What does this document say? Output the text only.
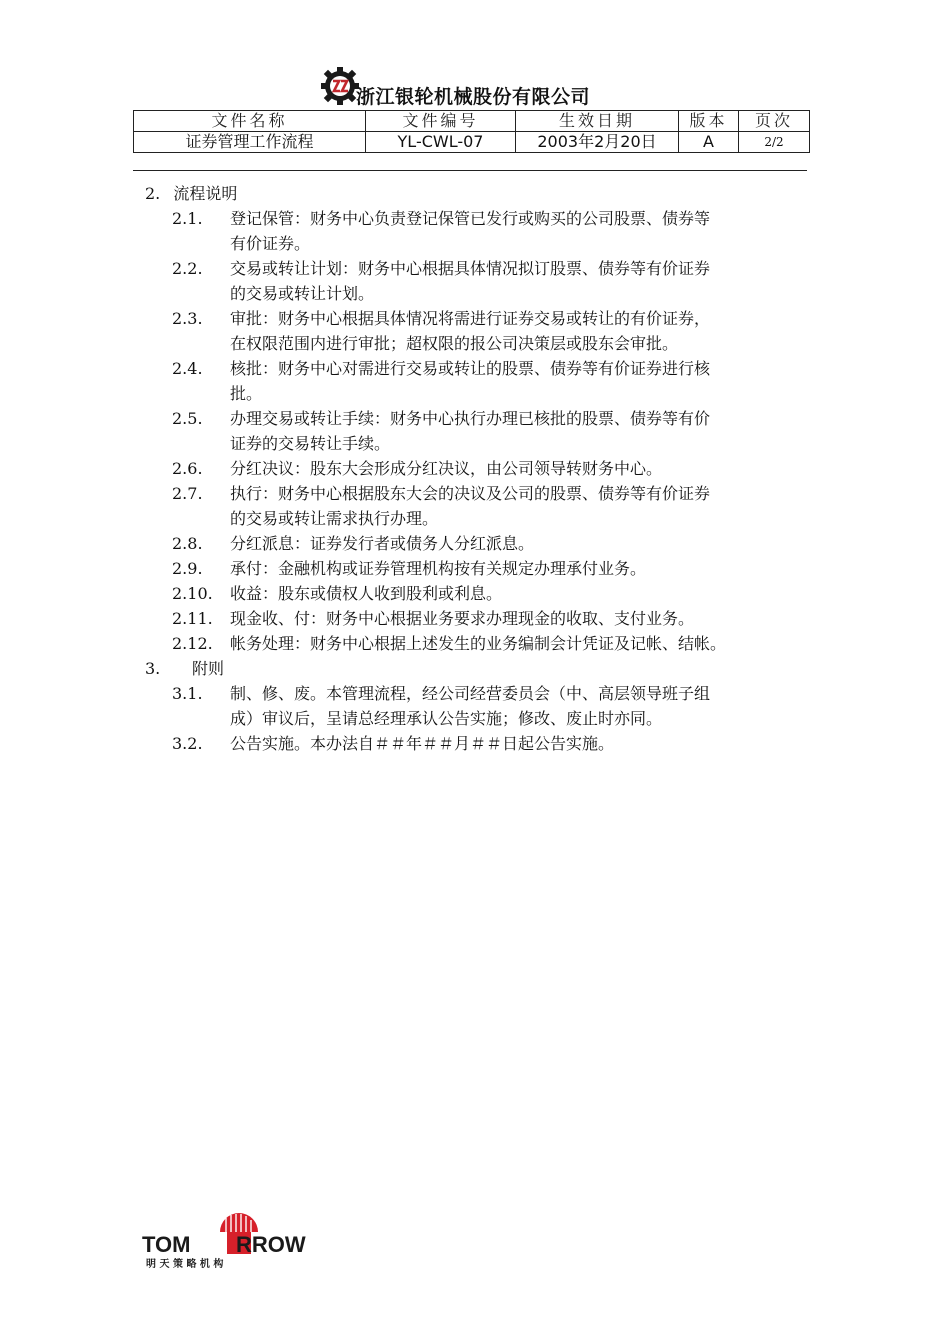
浙江银轮机械股份有限公司
文件名称	文件编号	生效日期	版本	页次
证券管理工作流程	YL-CWL-07	2003年2月20日	A	2/2
2. 流程说明
2.1. 登记保管：财务中心负责登记保管已发行或购买的公司股票、债券等
有价证券。
2.2. 交易或转让计划：财务中心根据具体情况拟订股票、债券等有价证券
的交易或转让计划。
2.3. 审批：财务中心根据具体情况将需进行证券交易或转让的有价证券，
在权限范围内进行审批；超权限的报公司决策层或股东会审批。
2.4. 核批：财务中心对需进行交易或转让的股票、债券等有价证券进行核
批。
2.5. 办理交易或转让手续：财务中心执行办理已核批的股票、债券等有价
证券的交易转让手续。
2.6. 分红决议：股东大会形成分红决议，由公司领导转财务中心。
2.7. 执行：财务中心根据股东大会的决议及公司的股票、债券等有价证券
的交易或转让需求执行办理。
2.8. 分红派息：证券发行者或债务人分红派息。
2.9. 承付：金融机构或证券管理机构按有关规定办理承付业务。
2.10. 收益：股东或债权人收到股利或利息。
2.11. 现金收、付：财务中心根据业务要求办理现金的收取、支付业务。
2.12. 帐务处理：财务中心根据上述发生的业务编制会计凭证及记帐、结帐。
3. 附则
3.1. 制、修、废。本管理流程，经公司经营委员会（中、高层领导班子组
成）审议后，呈请总经理承认公告实施；修改、废止时亦同。
3.2. 公告实施。本办法自＃＃年＃＃月＃＃日起公告实施。
TOM RROW
明 天 策 略 机 构
